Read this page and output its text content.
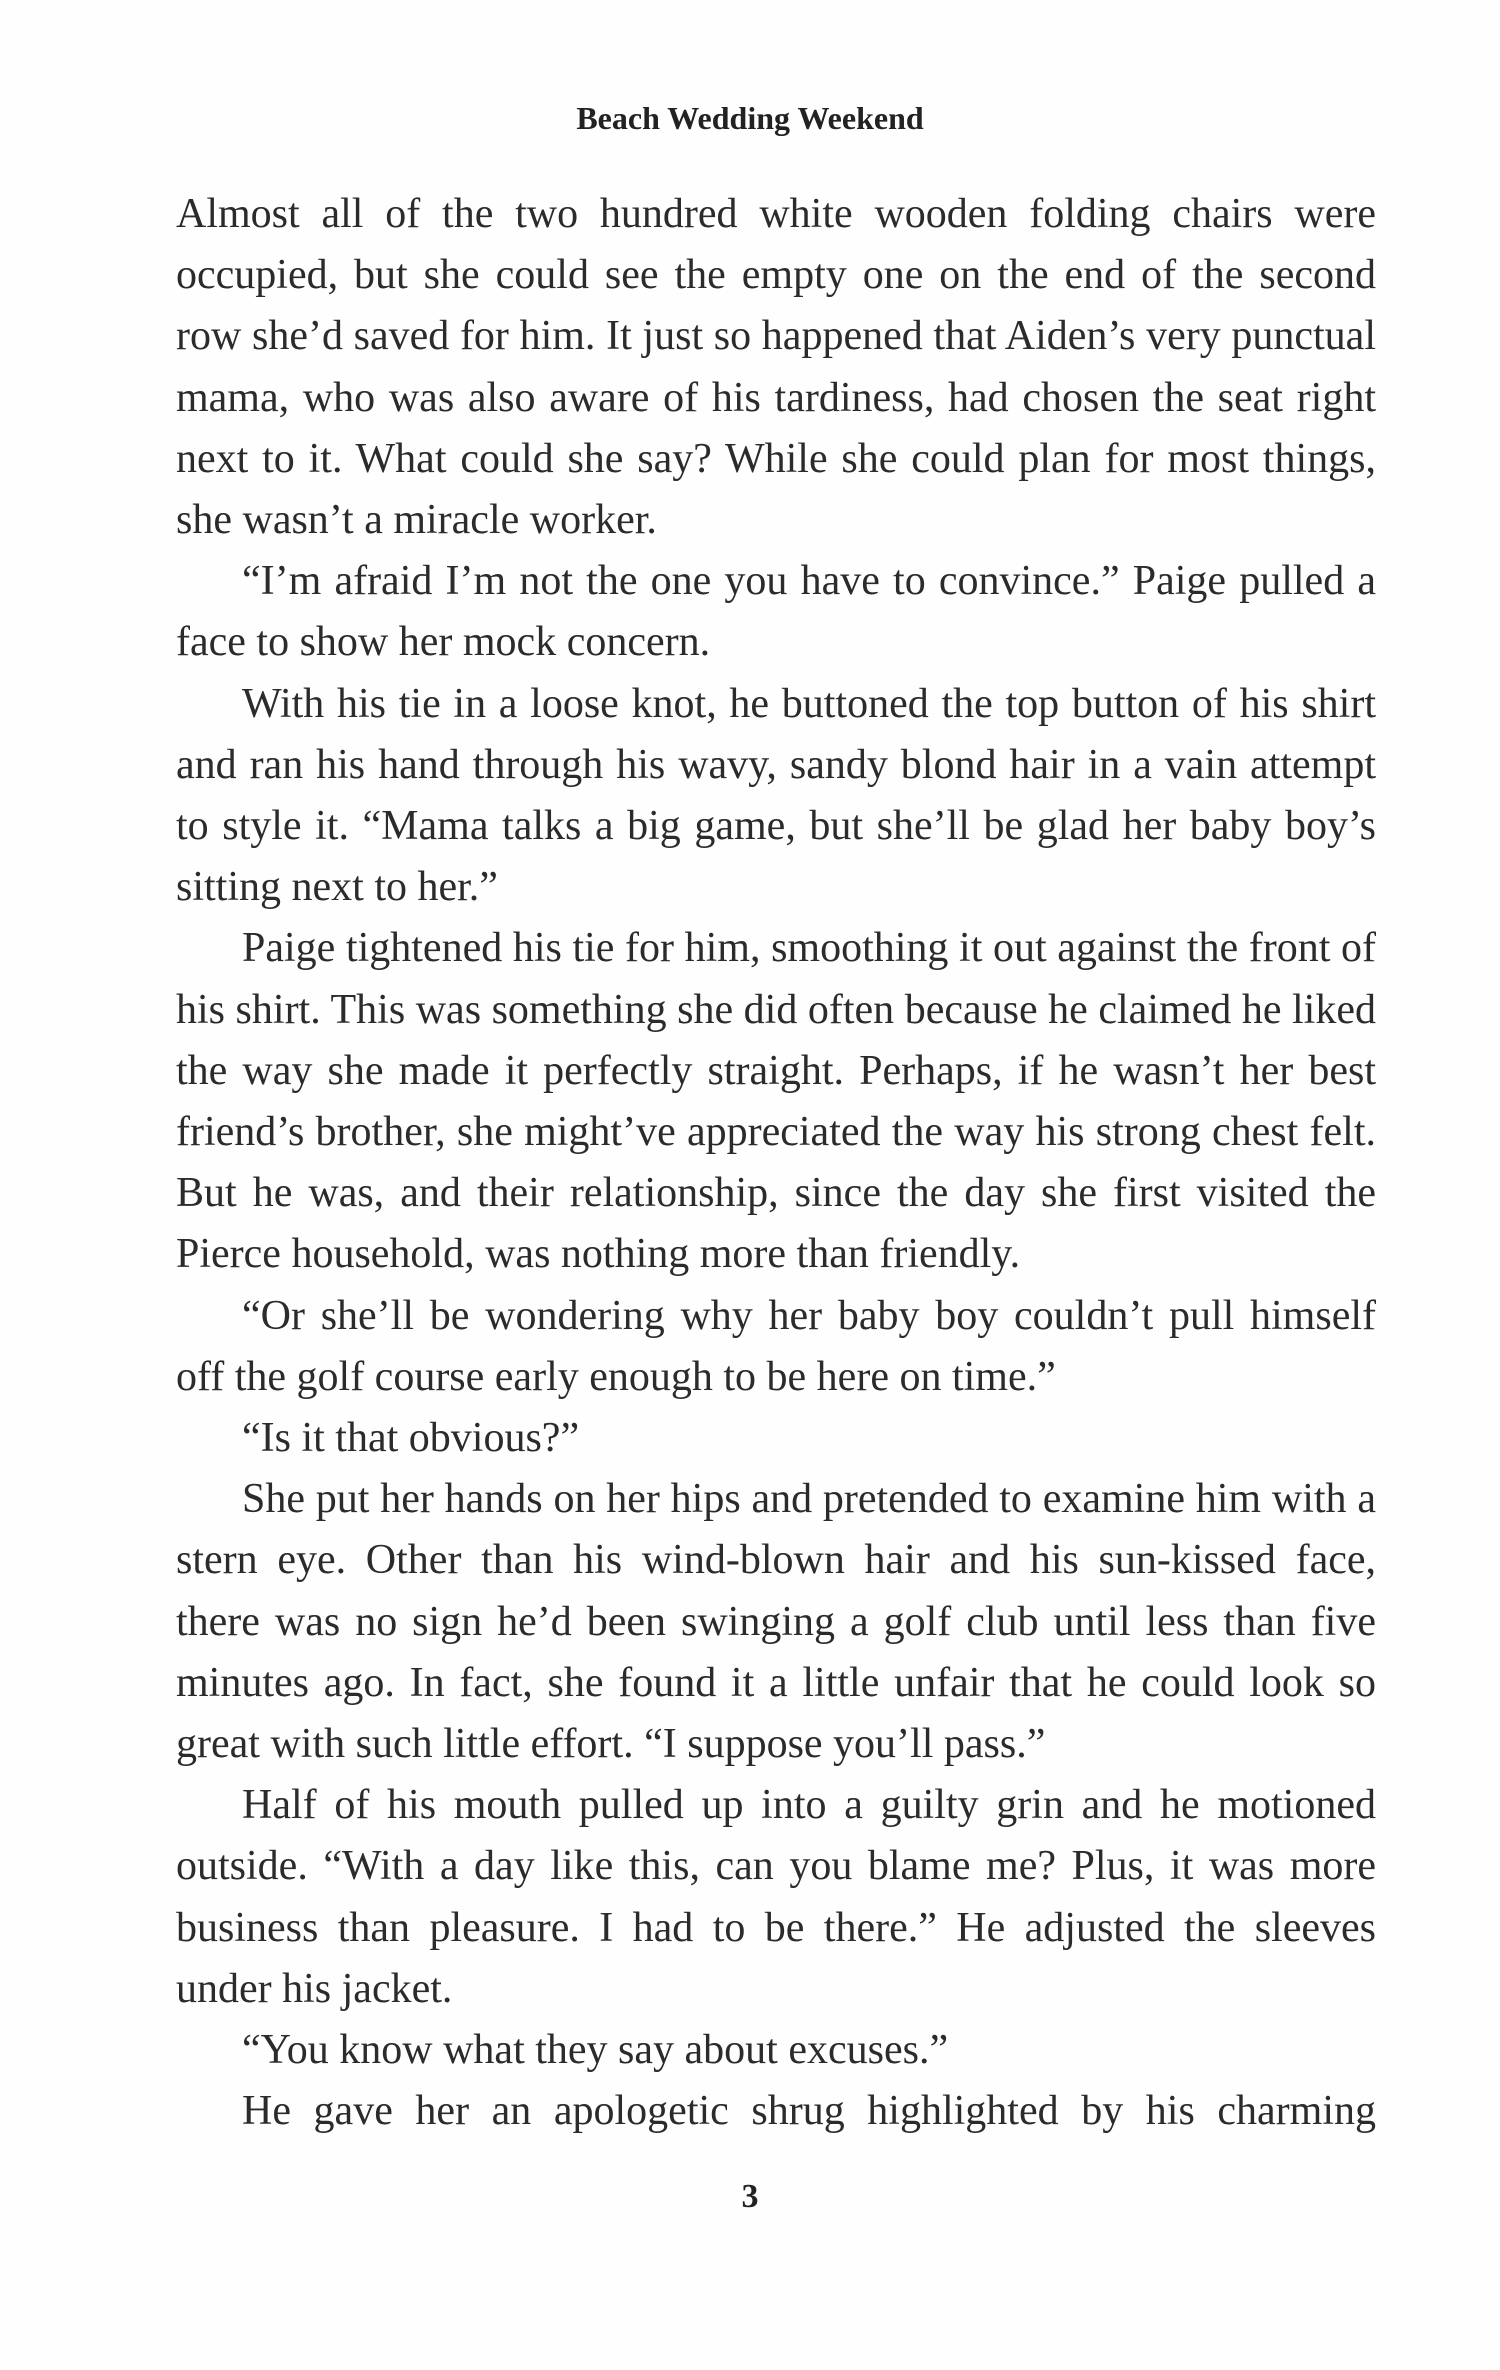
Beach Wedding Weekend

Almost all of the two hundred white wooden folding chairs were occupied, but she could see the empty one on the end of the second row she’d saved for him. It just so happened that Aiden’s very punctual mama, who was also aware of his tardiness, had chosen the seat right next to it. What could she say? While she could plan for most things, she wasn’t a miracle worker.

“I’m afraid I’m not the one you have to convince.” Paige pulled a face to show her mock concern.

With his tie in a loose knot, he buttoned the top button of his shirt and ran his hand through his wavy, sandy blond hair in a vain attempt to style it. “Mama talks a big game, but she’ll be glad her baby boy’s sitting next to her.”

Paige tightened his tie for him, smoothing it out against the front of his shirt. This was something she did often because he claimed he liked the way she made it perfectly straight. Perhaps, if he wasn’t her best friend’s brother, she might’ve appreciated the way his strong chest felt. But he was, and their relationship, since the day she first visited the Pierce household, was nothing more than friendly.

“Or she’ll be wondering why her baby boy couldn’t pull himself off the golf course early enough to be here on time.”

“Is it that obvious?”

She put her hands on her hips and pretended to examine him with a stern eye. Other than his wind-blown hair and his sun-kissed face, there was no sign he’d been swinging a golf club until less than five minutes ago. In fact, she found it a little unfair that he could look so great with such little effort. “I suppose you’ll pass.”

Half of his mouth pulled up into a guilty grin and he motioned outside. “With a day like this, can you blame me? Plus, it was more business than pleasure. I had to be there.” He adjusted the sleeves under his jacket.

“You know what they say about excuses.”

He gave her an apologetic shrug highlighted by his charming

3
